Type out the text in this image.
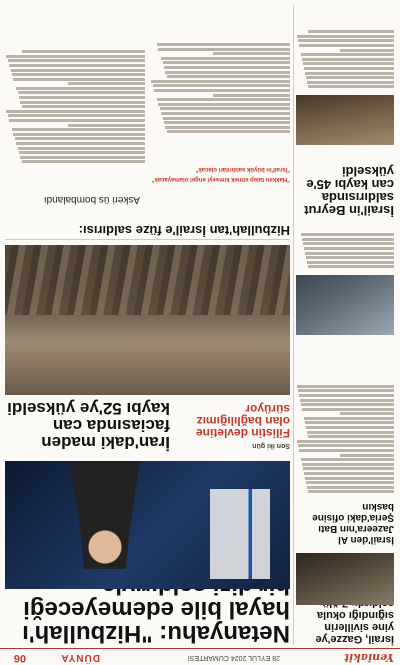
Yeniakit
28 EYLÜL 2024 CUMARTESİ
DÜNYA
06
Netanyahu: "Hizbullah'ı hayal bile edemeyeceği
İsrail, Gazze'ye yine sivillerin sığındığı okula
İsrail'den Al Jazeera'nın Batı Şeria'daki ofisine baskın
İran'daki maden faciasında can kaybı 52'ye yükseldi
Son iki gün
Filistin devletine olan bağlılığımız sürüyor
İsrail'in Beyrut saldırısında can kaybı 45'e yükseldi
Hizbullah'tan İsrail'e füze saldırısı:
Askeri üs bombalandı
"Hakkını talep etmek kimseyi engel olamayacak"
"İsrail'in büyük saldırıları olacak"
